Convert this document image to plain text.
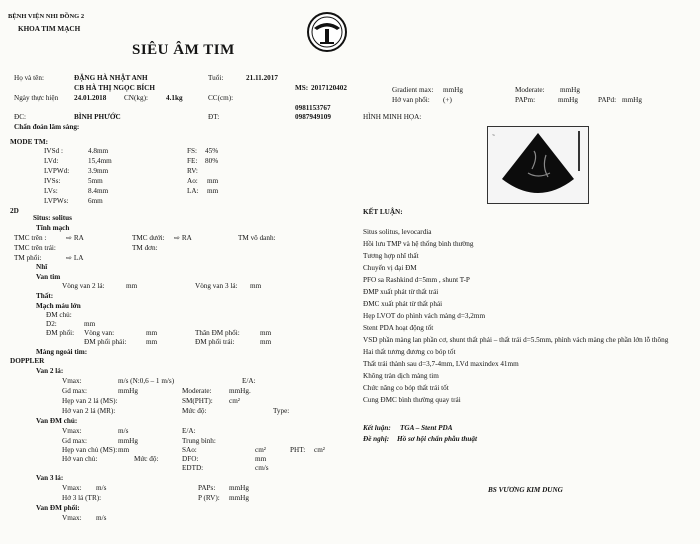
BỆNH VIỆN NHI ĐỒNG 2
KHOA TIM MẠCH
SIÊU ÂM TIM
Họ và tên:	ĐẶNG HÀ NHẬT ANH	Tuổi:	21.11.2017
MS: 2017120402
CB HÀ THỊ NGỌC BÍCH
Ngày thực hiện 24.01.2018 CN(kg):	4.1kg	CC(cm):
0981153767
0987949109
ĐC:	BÌNH PHƯỚC	ĐT:
Chẩn đoán lâm sàng:
MODE TM:
IVSd :	4.8mm	FS: 45%
LVd:	15,4mm	FE: 80%
LVPWd:	3.9mm	RV:
IVSs:	5mm	Ao: mm
LVs:	8.4mm	LA: mm
LVPWs:	6mm
2D
Situs: solitus
Tĩnh mạch
TMC trên :	⇨ RA	TMC dưới: ⇨ RA	TM vô danh:
TMC trên trái:	TM đơn:
TM phổi:	⇨ LA
Nhĩ
Van tim
Vòng van 2 lá:	mm	Vòng van 3 lá: mm
Thất:
Mạch máu lớn
ĐM chủ:
D2:	mm
ĐM phổi: Vòng van:	mm	Thân ĐM phổi:	mm
ĐM phổi phải:	mm	ĐM phổi trái:	mm
Màng ngoài tim:
DOPPLER
Van 2 lá:
Vmax:	m/s (N:0,6 – 1 m/s)	E/A:
Gd max:	mmHg	Moderate: mmHg.
Hẹp van 2 lá (MS):	SM(PHT): cm²
Hở van 2 lá (MR):	Mức độ:	Type:
Van ĐM chủ:
Vmax:	m/s	E/A:
Gd max:	mmHg	Trung bình:
Hẹp van chủ (MS): mm	SAo:	cm²	PHT: cm²
Hở van chủ:	Mức độ:	DFO:	mm
EDTD:	cm/s
Van 3 lá:
Vmax: m/s	PAPs: mmHg
Hở 3 lá (TR):	P (RV): mmHg
Van ĐM phổi:
Vmax: m/s
Gradient max: mmHg	Moderate: mmHg
Hở van phổi: (+)	PAPm:	mmHg	PAPd: mmHg
HÌNH MINH HỌA:
~
KẾT LUẬN:
Situs solitus, levocardia
Hồi lưu TMP và hệ thống bình thường
Tương hợp nhĩ thất
Chuyển vị đại ĐM
PFO sa Rashkind d=5mm , shunt T-P
ĐMP xuất phát từ thất trái
ĐMC xuất phát từ thất phải
Hẹp LVOT do phình vách màng d=3,2mm
Stent PDA hoạt động tốt
VSD phần màng lan phần cơ, shunt thất phải – thất trái d=5.5mm, phình vách màng che phần lớn lỗ thông
Hai thất tương đương co bóp tốt
Thất trái thành sau d=3,7-4mm, LVd maxindex 41mm
Không tràn dịch màng tim
Chức năng co bóp thất trái tốt
Cung ĐMC bình thường quay trái
Kết luận: TGA – Stent PDA
Đề nghị: Hồ sơ hội chẩn phẫu thuật
BS VƯƠNG KIM DUNG
